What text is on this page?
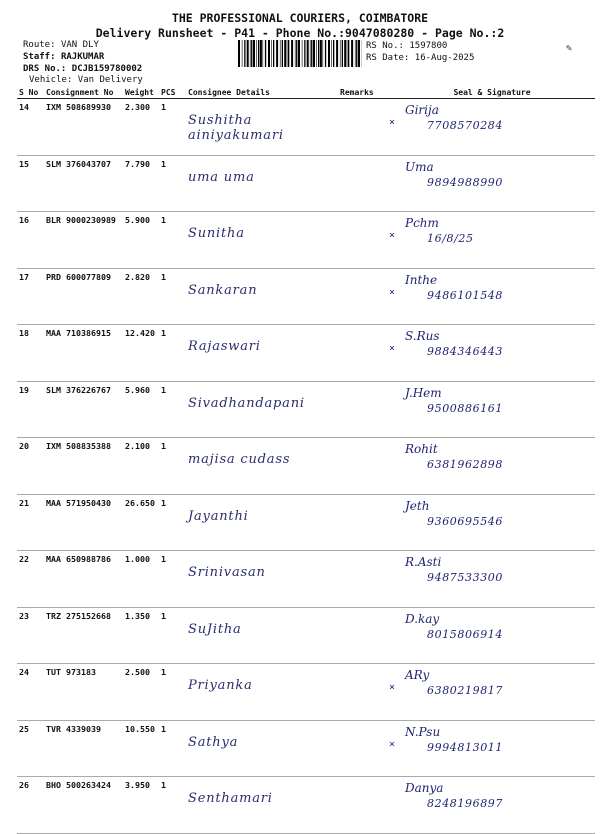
THE PROFESSIONAL COURIERS, COIMBATORE
Delivery Runsheet - P41 - Phone No.:9047080280 - Page No.:2
Route: VAN DLY
Staff: RAJKUMAR
DRS No.: DCJB159780002
Vehicle: Van Delivery
RS No.: 1597800
RS Date: 16-Aug-2025
✎
S No	Consignment No	Weight	PCS	Consignee Details	Remarks	Seal & Signature
14	IXM 508689930	2.300	1	Sushitha ainiyakumari		×
Girija
7708570284

15	SLM 376043707	7.790	1	uma uma		Uma
9894988990

16	BLR 9000230989	5.900	1	Sunitha		×
Pchm
16/8/25

17	PRD 600077809	2.820	1	Sankaran		×
Inthe
9486101548

18	MAA 710386915	12.420	1	Rajaswari		×
S.Rus
9884346443

19	SLM 376226767	5.960	1	Sivadhandapani		J.Hem
9500886161

20	IXM 508835388	2.100	1	majisa cudass		Rohit
6381962898

21	MAA 571950430	26.650	1	Jayanthi		Jeth
9360695546

22	MAA 650988786	1.000	1	Srinivasan		R.Asti
9487533300

23	TRZ 275152668	1.350	1	SuJitha		D.kay
8015806914

24	TUT 973183	2.500	1	Priyanka		×
ARy
6380219817

25	TVR 4339039	10.550	1	Sathya		×
N.Psu
9994813011

26	BHO 500263424	3.950	1	Senthamari		Danya
8248196897
